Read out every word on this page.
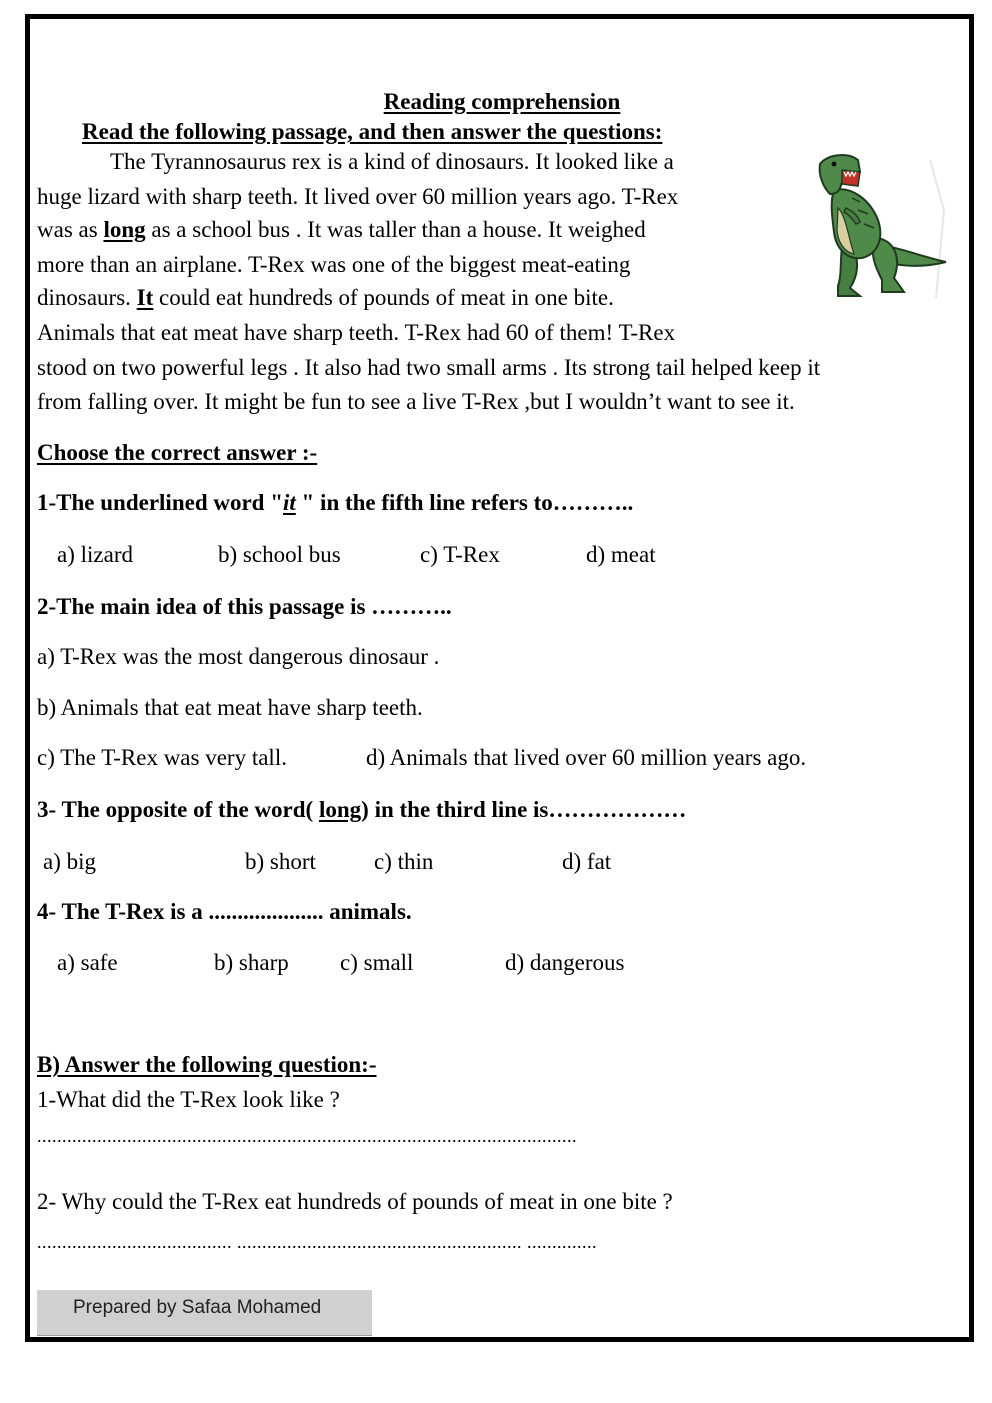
Reading comprehension
Read the following passage, and then answer the questions:
The Tyrannosaurus rex is a kind of dinosaurs. It looked like a
huge lizard with sharp teeth. It lived over 60 million years ago. T-Rex
was as long as a school bus . It was taller than a house. It weighed
more than an airplane. T-Rex was one of the biggest meat-eating
dinosaurs. It could eat hundreds of pounds of meat in one bite.
Animals that eat meat have sharp teeth. T-Rex had 60 of them! T-Rex
stood on two powerful legs . It also had two small arms . Its strong tail helped keep it
from falling over. It might be fun to see a live T-Rex ,but I wouldn’t want to see it.
Choose the correct answer :-
1-The underlined word "it " in the fifth line refers to………..
a) lizard	b) school bus	c) T-Rex	d) meat
2-The main idea of this passage is ………..
a) T-Rex was the most dangerous dinosaur .
b) Animals that eat meat have sharp teeth.
c) The T-Rex was very tall.	d) Animals that lived over 60 million years ago.
3- The opposite of the word( long) in the third line is………………
a) big	b) short	c) thin	d) fat
4- The T-Rex is a .................... animals.
a) safe	b) sharp c) small	d) dangerous
B) Answer the following question:-
1-What did the T-Rex look like ?
............................................................................................................
2- Why could the T-Rex eat hundreds of pounds of meat in one bite ?
....................................... ......................................................... ..............
Prepared by Safaa Mohamed
